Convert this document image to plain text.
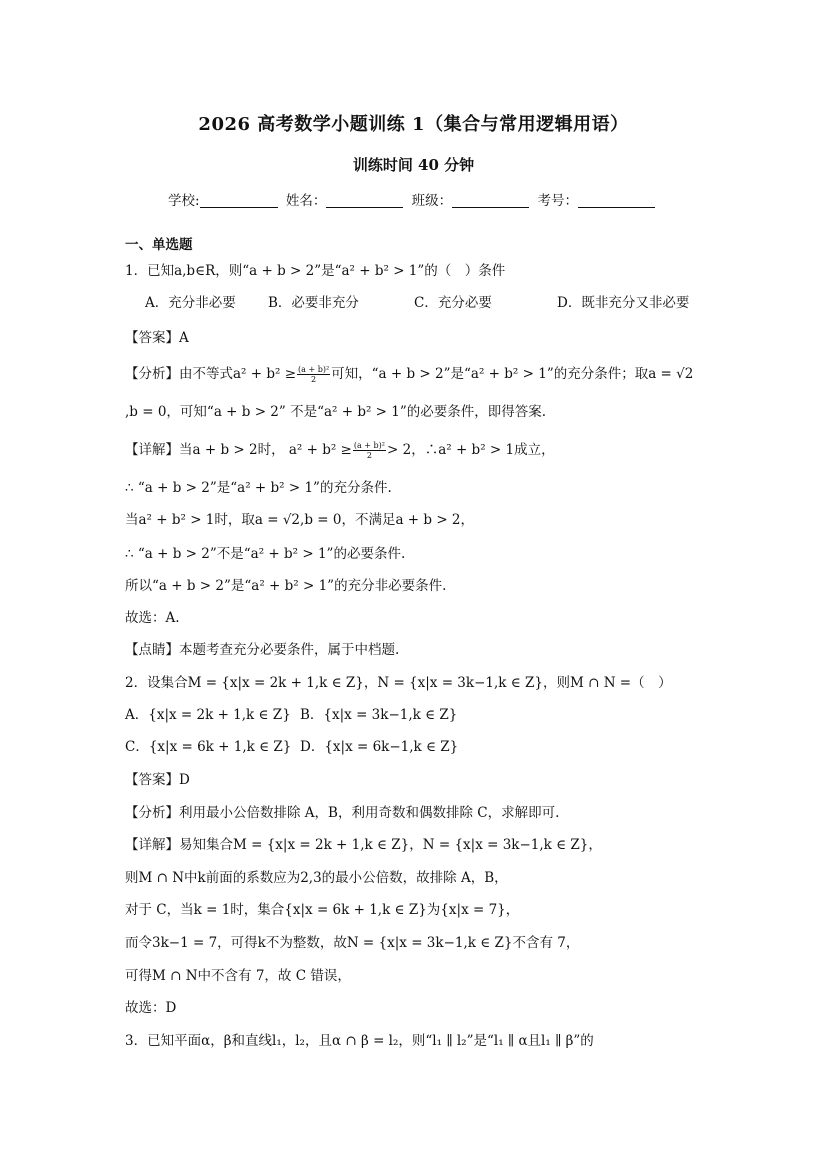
2026 高考数学小题训练 1（集合与常用逻辑用语）
训练时间 40 分钟
学校:	姓名：	班级：	考号：
一、单选题
1．已知a,b∈R，则“a + b > 2”是“a² + b² > 1”的（　）条件
A．充分非必要 B．必要非充分	C．充分必要	D．既非充分又非必要
【答案】A
【分析】由不等式$a^2 + b^2 \ge \frac{\text{(a + b)²}}{2}$ 可知，“a + b > 2”是“a² + b² > 1”的充分条件；取a = √2
,b = 0，可知“a + b > 2” 不是“a² + b² > 1”的必要条件，即得答案.
【详解】当a + b > 2时， $a^2 + b^2 \ge \frac{\text{(a + b)²}}{2} > 2$，∴a² + b² > 1成立，
∴ “a + b > 2”是“a² + b² > 1”的充分条件.
当a² + b² > 1时，取a = √2,b = 0，不满足a + b > 2，
∴ “a + b > 2”不是“a² + b² > 1”的必要条件.
所以“a + b > 2”是“a² + b² > 1”的充分非必要条件.
故选：A.
【点睛】本题考查充分必要条件，属于中档题.
2．设集合M = {x|x = 2k + 1,k ∈ Z}，N = {x|x = 3k−1,k ∈ Z}，则M ∩ N =（　）
A．{x|x = 2k + 1,k ∈ Z} B．{x|x = 3k−1,k ∈ Z}
C．{x|x = 6k + 1,k ∈ Z} D．{x|x = 6k−1,k ∈ Z}
【答案】D
【分析】利用最小公倍数排除 A，B，利用奇数和偶数排除 C，求解即可.
【详解】易知集合M = {x|x = 2k + 1,k ∈ Z}，N = {x|x = 3k−1,k ∈ Z}，
则M ∩ N中k前面的系数应为2,3的最小公倍数，故排除 A，B，
对于 C，当k = 1时，集合{x|x = 6k + 1,k ∈ Z}为{x|x = 7}，
而令3k−1 = 7，可得k不为整数，故N = {x|x = 3k−1,k ∈ Z}不含有 7，
可得M ∩ N中不含有 7，故 C 错误，
故选：D
3．已知平面α，β和直线l₁，l₂，且α ∩ β = l₂，则“l₁ ∥ l₂”是“l₁ ∥ α且l₁ ∥ β”的
